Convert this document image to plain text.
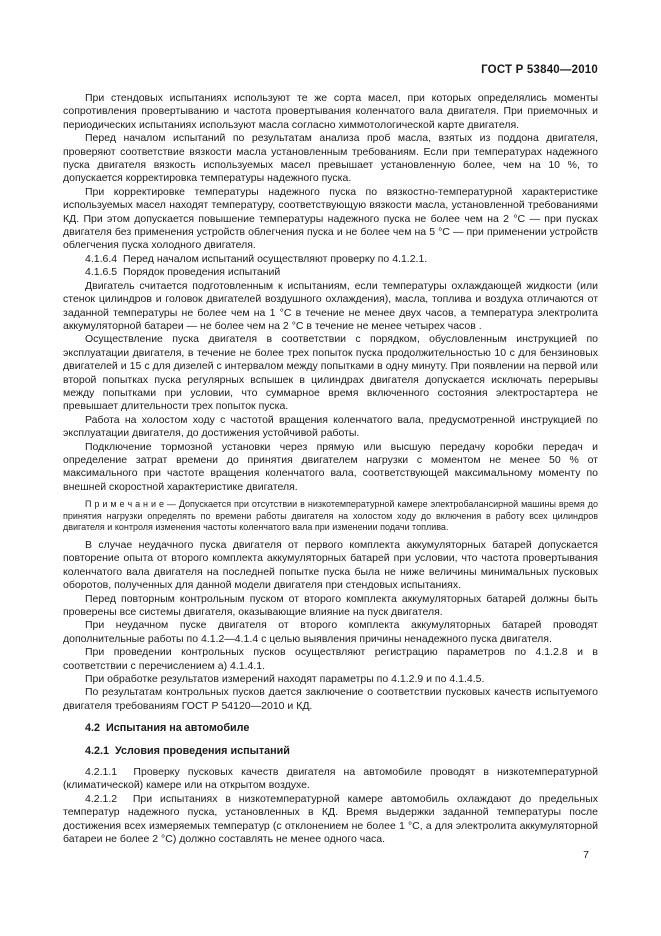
ГОСТ Р 53840—2010

При стендовых испытаниях используют те же сорта масел, при которых определялись моменты сопротивления провертыванию и частота провертывания коленчатого вала двигателя. При приемочных и периодических испытаниях используют масла согласно химмотологической карте двигателя.

Перед началом испытаний по результатам анализа проб масла, взятых из поддона двигателя, проверяют соответствие вязкости масла установленным требованиям. Если при температурах надежного пуска двигателя вязкость используемых масел превышает установленную более, чем на 10 %, то допускается корректировка температуры надежного пуска.

При корректировке температуры надежного пуска по вязкостно-температурной характеристике используемых масел находят температуру, соответствующую вязкости масла, установленной требованиями КД. При этом допускается повышение температуры надежного пуска не более чем на 2 °С — при пусках двигателя без применения устройств облегчения пуска и не более чем на 5 °С — при применении устройств облегчения пуска холодного двигателя.

4.1.6.4  Перед началом испытаний осуществляют проверку по 4.1.2.1.

4.1.6.5  Порядок проведения испытаний

Двигатель считается подготовленным к испытаниям, если температуры охлаждающей жидкости (или стенок цилиндров и головок двигателей воздушного охлаждения), масла, топлива и воздуха отличаются от заданной температуры не более чем на 1 °С в течение не менее двух часов, а температура электролита аккумуляторной батареи — не более чем на 2 °С в течение не менее четырех часов .

Осуществление пуска двигателя в соответствии с порядком, обусловленным инструкцией по эксплуатации двигателя, в течение не более трех попыток пуска продолжительностью 10 с для бензиновых двигателей и 15 с для дизелей с интервалом между попытками в одну минуту. При появлении на первой или второй попытках пуска регулярных вспышек в цилиндрах двигателя допускается исключать перерывы между попытками при условии, что суммарное время включенного состояния электростартера не превышает длительности трех попыток пуска.

Работа на холостом ходу с частотой вращения коленчатого вала, предусмотренной инструкцией по эксплуатации двигателя, до достижения устойчивой работы.

Подключение тормозной установки через прямую или высшую передачу коробки передач и определение затрат времени до принятия двигателем нагрузки с моментом не менее 50 % от максимального при частоте вращения коленчатого вала, соответствующей максимальному моменту по внешней скоростной характеристике двигателя.

П р и м е ч а н и е — Допускается при отсутствии в низкотемпературной камере электробалансирной машины время до принятия нагрузки определять по времени работы двигателя на холостом ходу до включения в работу всех цилиндров двигателя и контроля изменения частоты коленчатого вала при изменении подачи топлива.

В случае неудачного пуска двигателя от первого комплекта аккумуляторных батарей допускается повторение опыта от второго комплекта аккумуляторных батарей при условии, что частота провертывания коленчатого вала двигателя на последней попытке пуска была не ниже величины минимальных пусковых оборотов, полученных для данной модели двигателя при стендовых испытаниях.

Перед повторным контрольным пуском от второго комплекта аккумуляторных батарей должны быть проверены все системы двигателя, оказывающие влияние на пуск двигателя.

При неудачном пуске двигателя от второго комплекта аккумуляторных батарей проводят дополнительные работы по 4.1.2—4.1.4 с целью выявления причины ненадежного пуска двигателя.

При проведении контрольных пусков осуществляют регистрацию параметров по 4.1.2.8 и в соответствии с перечислением а) 4.1.4.1.

При обработке результатов измерений находят параметры по 4.1.2.9 и по 4.1.4.5.

По результатам контрольных пусков дается заключение о соответствии пусковых качеств испытуемого двигателя требованиям ГОСТ Р 54120—2010 и КД.

4.2  Испытания на автомобиле

4.2.1  Условия проведения испытаний

4.2.1.1  Проверку пусковых качеств двигателя на автомобиле проводят в низкотемпературной (климатической) камере или на открытом воздухе.

4.2.1.2  При испытаниях в низкотемпературной камере автомобиль охлаждают до предельных температур надежного пуска, установленных в КД. Время выдержки заданной температуры после достижения всех измеряемых температур (с отклонением не более 1 °С, а для электролита аккумуляторной батареи не более 2 °С) должно составлять не менее одного часа.

7
